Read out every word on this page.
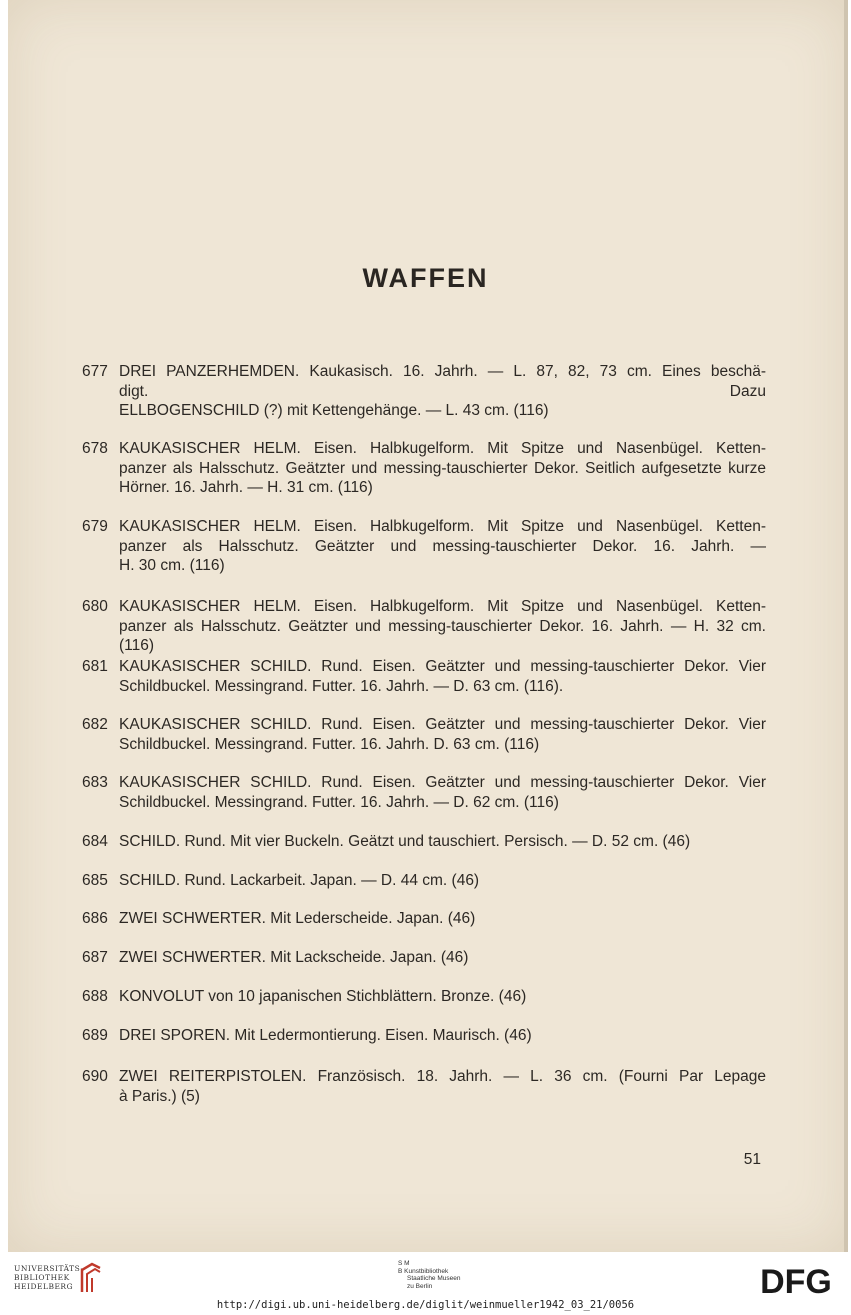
WAFFEN
677 DREI PANZERHEMDEN. Kaukasisch. 16. Jahrh. — L. 87, 82, 73 cm. Eines beschä-
digt. Dazu
ELLBOGENSCHILD (?) mit Kettengehänge. — L. 43 cm. (116)
678 KAUKASISCHER HELM. Eisen. Halbkugelform. Mit Spitze und Nasenbügel. Ketten-
panzer als Halsschutz. Geätzter und messing-tauschierter Dekor. Seitlich aufgesetzte kurze
Hörner. 16. Jahrh. — H. 31 cm. (116)
679 KAUKASISCHER HELM. Eisen. Halbkugelform. Mit Spitze und Nasenbügel. Ketten-
panzer als Halsschutz. Geätzter und messing-tauschierter Dekor. 16. Jahrh. —
H. 30 cm. (116)
680 KAUKASISCHER HELM. Eisen. Halbkugelform. Mit Spitze und Nasenbügel. Ketten-
panzer als Halsschutz. Geätzter und messing-tauschierter Dekor. 16. Jahrh. — H. 32 cm. (116)
681 KAUKASISCHER SCHILD. Rund. Eisen. Geätzter und messing-tauschierter Dekor. Vier
Schildbuckel. Messingrand. Futter. 16. Jahrh. — D. 63 cm. (116).
682 KAUKASISCHER SCHILD. Rund. Eisen. Geätzter und messing-tauschierter Dekor. Vier
Schildbuckel. Messingrand. Futter. 16. Jahrh. D. 63 cm. (116)
683 KAUKASISCHER SCHILD. Rund. Eisen. Geätzter und messing-tauschierter Dekor. Vier
Schildbuckel. Messingrand. Futter. 16. Jahrh. — D. 62 cm. (116)
684 SCHILD. Rund. Mit vier Buckeln. Geätzt und tauschiert. Persisch. — D. 52 cm. (46)
685 SCHILD. Rund. Lackarbeit. Japan. — D. 44 cm. (46)
686 ZWEI SCHWERTER. Mit Lederscheide. Japan. (46)
687 ZWEI SCHWERTER. Mit Lackscheide. Japan. (46)
688 KONVOLUT von 10 japanischen Stichblättern. Bronze. (46)
689 DREI SPOREN. Mit Ledermontierung. Eisen. Maurisch. (46)
690 ZWEI REITERPISTOLEN. Französisch. 18. Jahrh. — L. 36 cm. (Fourni Par Lepage
à Paris.) (5)
51
UNIVERSITÄTS-
BIBLIOTHEK
HEIDELBERG
S M
B Kunstbibliothek
Staatliche Museen
zu Berlin	DFG
http://digi.ub.uni-heidelberg.de/diglit/weinmueller1942_03_21/0056
